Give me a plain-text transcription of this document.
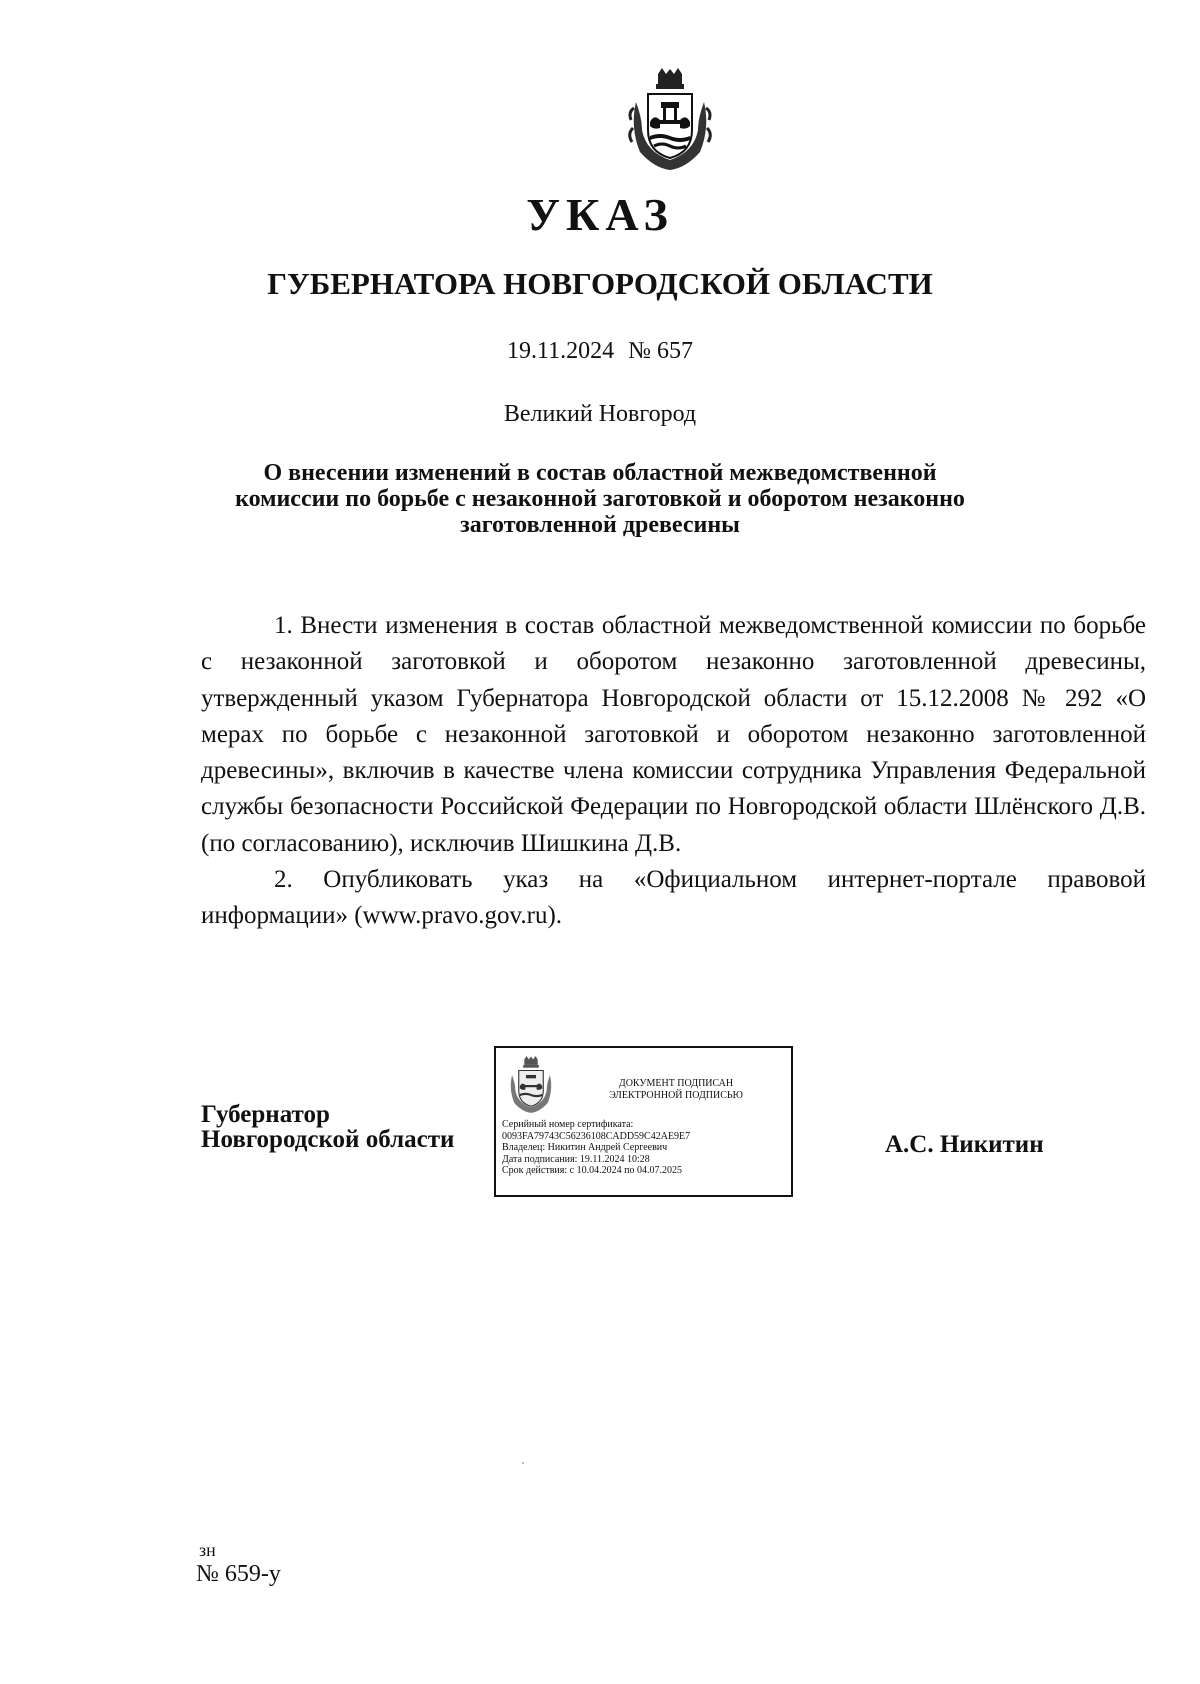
УКАЗ
ГУБЕРНАТОРА НОВГОРОДСКОЙ ОБЛАСТИ
19.11.2024 № 657
Великий Новгород
О внесении изменений в состав областной межведомственной
комиссии по борьбе с незаконной заготовкой и оборотом незаконно
заготовленной древесины

1. Внести изменения в состав областной межведомственной комиссии по борьбе с незаконной заготовкой и оборотом незаконно заготовленной древесины, утвержденный указом Губернатора Новгородской области от 15.12.2008 № 292 «О мерах по борьбе с незаконной заготовкой и оборотом незаконно заготовленной древесины», включив в качестве члена комиссии сотрудника Управления Федеральной службы безопасности Российской Федерации по Новгородской области Шлёнского Д.В. (по согласованию), исключив Шишкина Д.В.

2. Опубликовать указ на «Официальном интернет-портале правовой информации» (www.pravo.gov.ru).

Губернатор
Новгородской области
ДОКУМЕНТ ПОДПИСАН
ЭЛЕКТРОННОЙ ПОДПИСЬЮ
Серийный номер сертификата:
0093FA79743C56236108CADD59C42AE9E7
Владелец: Никитин Андрей Сергеевич
Дата подписания: 19.11.2024 10:28
Срок действия: с 10.04.2024 по 04.07.2025
А.С. Никитин
зн
№ 659-у
